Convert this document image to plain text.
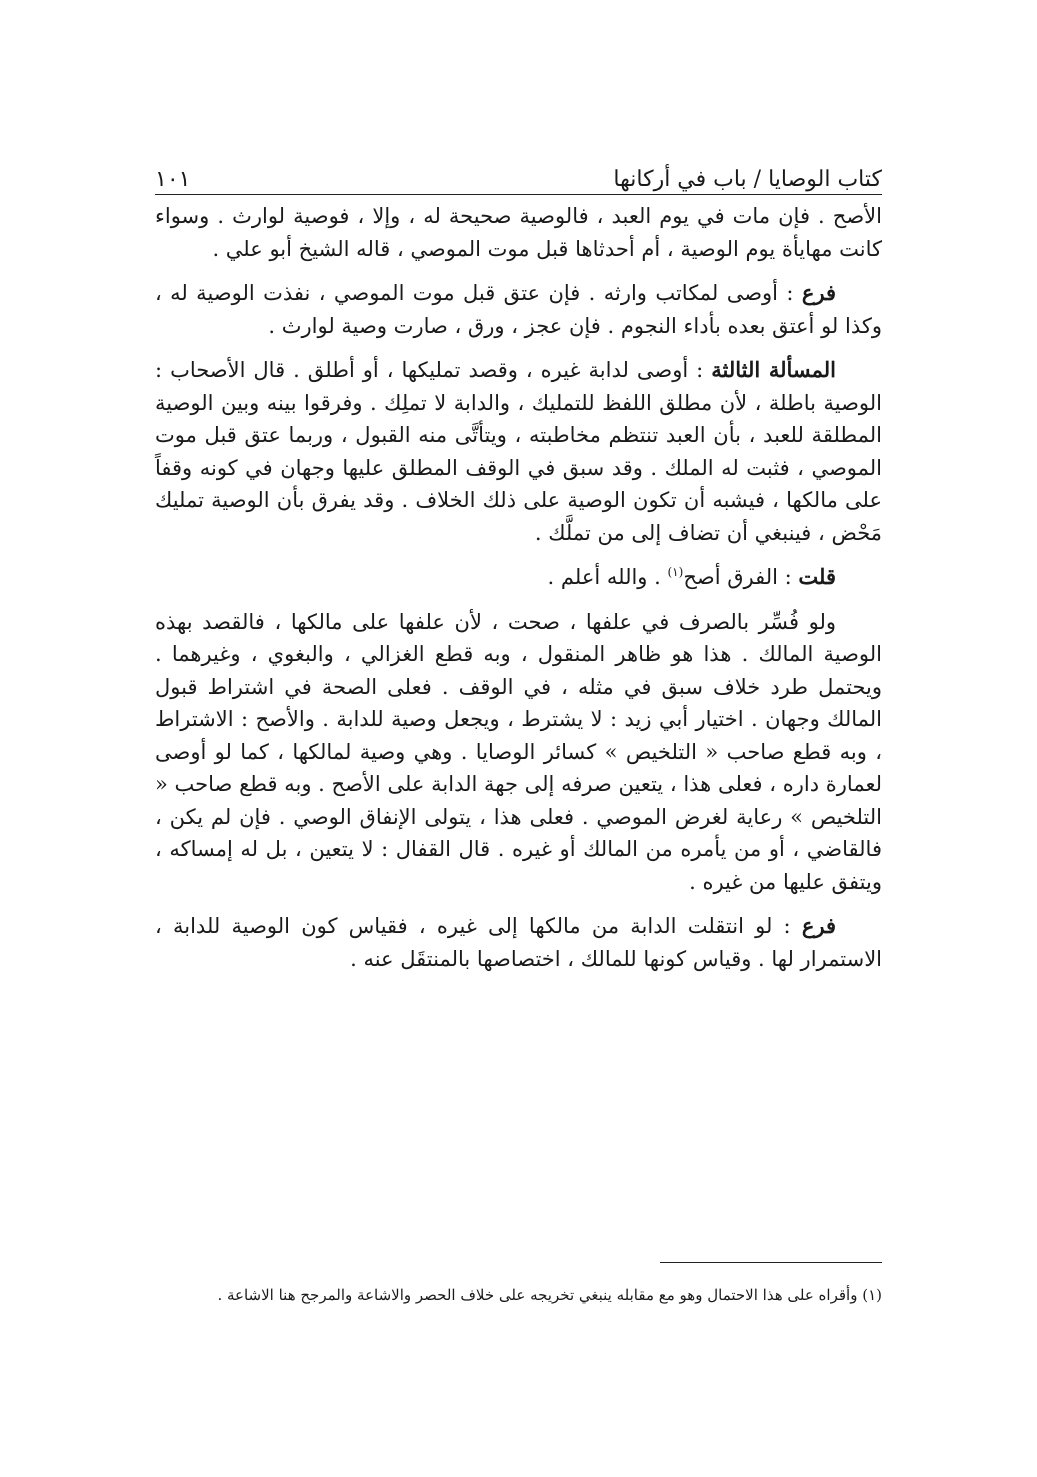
كتاب الوصايا / باب في أركانها
١٠١

الأصح . فإن مات في يوم العبد ، فالوصية صحيحة له ، وإلا ، فوصية لوارث . وسواء كانت مهايأة يوم الوصية ، أم أحدثاها قبل موت الموصي ، قاله الشيخ أبو علي .

فرع : أوصى لمكاتب وارثه . فإن عتق قبل موت الموصي ، نفذت الوصية له ، وكذا لو أعتق بعده بأداء النجوم . فإن عجز ، ورق ، صارت وصية لوارث .

المسألة الثالثة : أوصى لدابة غيره ، وقصد تمليكها ، أو أطلق . قال الأصحاب : الوصية باطلة ، لأن مطلق اللفظ للتمليك ، والدابة لا تملِك . وفرقوا بينه وبين الوصية المطلقة للعبد ، بأن العبد تنتظم مخاطبته ، ويتأتَّى منه القبول ، وربما عتق قبل موت الموصي ، فثبت له الملك . وقد سبق في الوقف المطلق عليها وجهان في كونه وقفاً على مالكها ، فيشبه أن تكون الوصية على ذلك الخلاف . وقد يفرق بأن الوصية تمليك مَحْض ، فينبغي أن تضاف إلى من تملَّك .

قلت : الفرق أصح$^{(١)}$ . والله أعلم .

ولو فُسِّر بالصرف في علفها ، صحت ، لأن علفها على مالكها ، فالقصد بهذه الوصية المالك . هذا هو ظاهر المنقول ، وبه قطع الغزالي ، والبغوي ، وغيرهما . ويحتمل طرد خلاف سبق في مثله ، في الوقف . فعلى الصحة في اشتراط قبول المالك وجهان . اختيار أبي زيد : لا يشترط ، ويجعل وصية للدابة . والأصح : الاشتراط ، وبه قطع صاحب « التلخيص » كسائر الوصايا . وهي وصية لمالكها ، كما لو أوصى لعمارة داره ، فعلى هذا ، يتعين صرفه إلى جهة الدابة على الأصح . وبه قطع صاحب « التلخيص » رعاية لغرض الموصي . فعلى هذا ، يتولى الإنفاق الوصي . فإن لم يكن ، فالقاضي ، أو من يأمره من المالك أو غيره . قال القفال : لا يتعين ، بل له إمساكه ، ويتفق عليها من غيره .

فرع : لو انتقلت الدابة من مالكها إلى غيره ، فقياس كون الوصية للدابة ، الاستمرار لها . وقياس كونها للمالك ، اختصاصها بالمنتقَل عنه .

(١) وأقراه على هذا الاحتمال وهو مع مقابله ينبغي تخريجه على خلاف الحصر والاشاعة والمرجح هنا الاشاعة .
